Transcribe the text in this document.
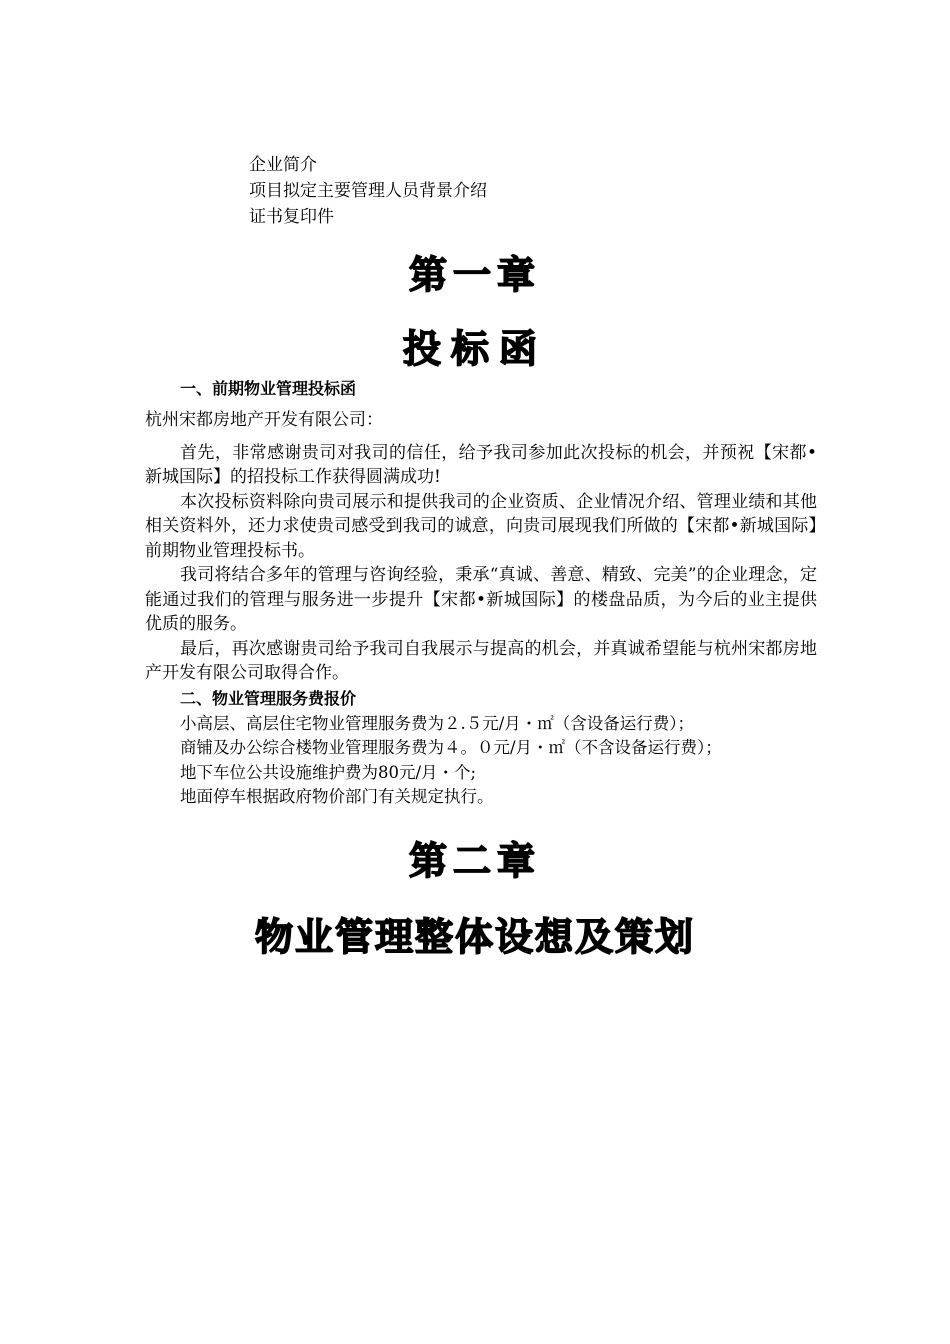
企业简介
项目拟定主要管理人员背景介绍
证书复印件
第一章
投标函
一、前期物业管理投标函
杭州宋都房地产开发有限公司：

首先，非常感谢贵司对我司的信任，给予我司参加此次投标的机会，并预祝【宋都•新城国际】的招投标工作获得圆满成功!

本次投标资料除向贵司展示和提供我司的企业资质、企业情况介绍、管理业绩和其他相关资料外，还力求使贵司感受到我司的诚意，向贵司展现我们所做的【宋都•新城国际】前期物业管理投标书。

我司将结合多年的管理与咨询经验，秉承“真诚、善意、精致、完美”的企业理念，定能通过我们的管理与服务进一步提升【宋都•新城国际】的楼盘品质，为今后的业主提供优质的服务。

最后，再次感谢贵司给予我司自我展示与提高的机会，并真诚希望能与杭州宋都房地产开发有限公司取得合作。

二、物业管理服务费报价
小高层、高层住宅物业管理服务费为２.５元/月・㎡（含设备运行费）；
商铺及办公综合楼物业管理服务费为４。０元/月・㎡（不含设备运行费）；
地下车位公共设施维护费为80元/月・个;
地面停车根据政府物价部门有关规定执行。
第二章
物业管理整体设想及策划
